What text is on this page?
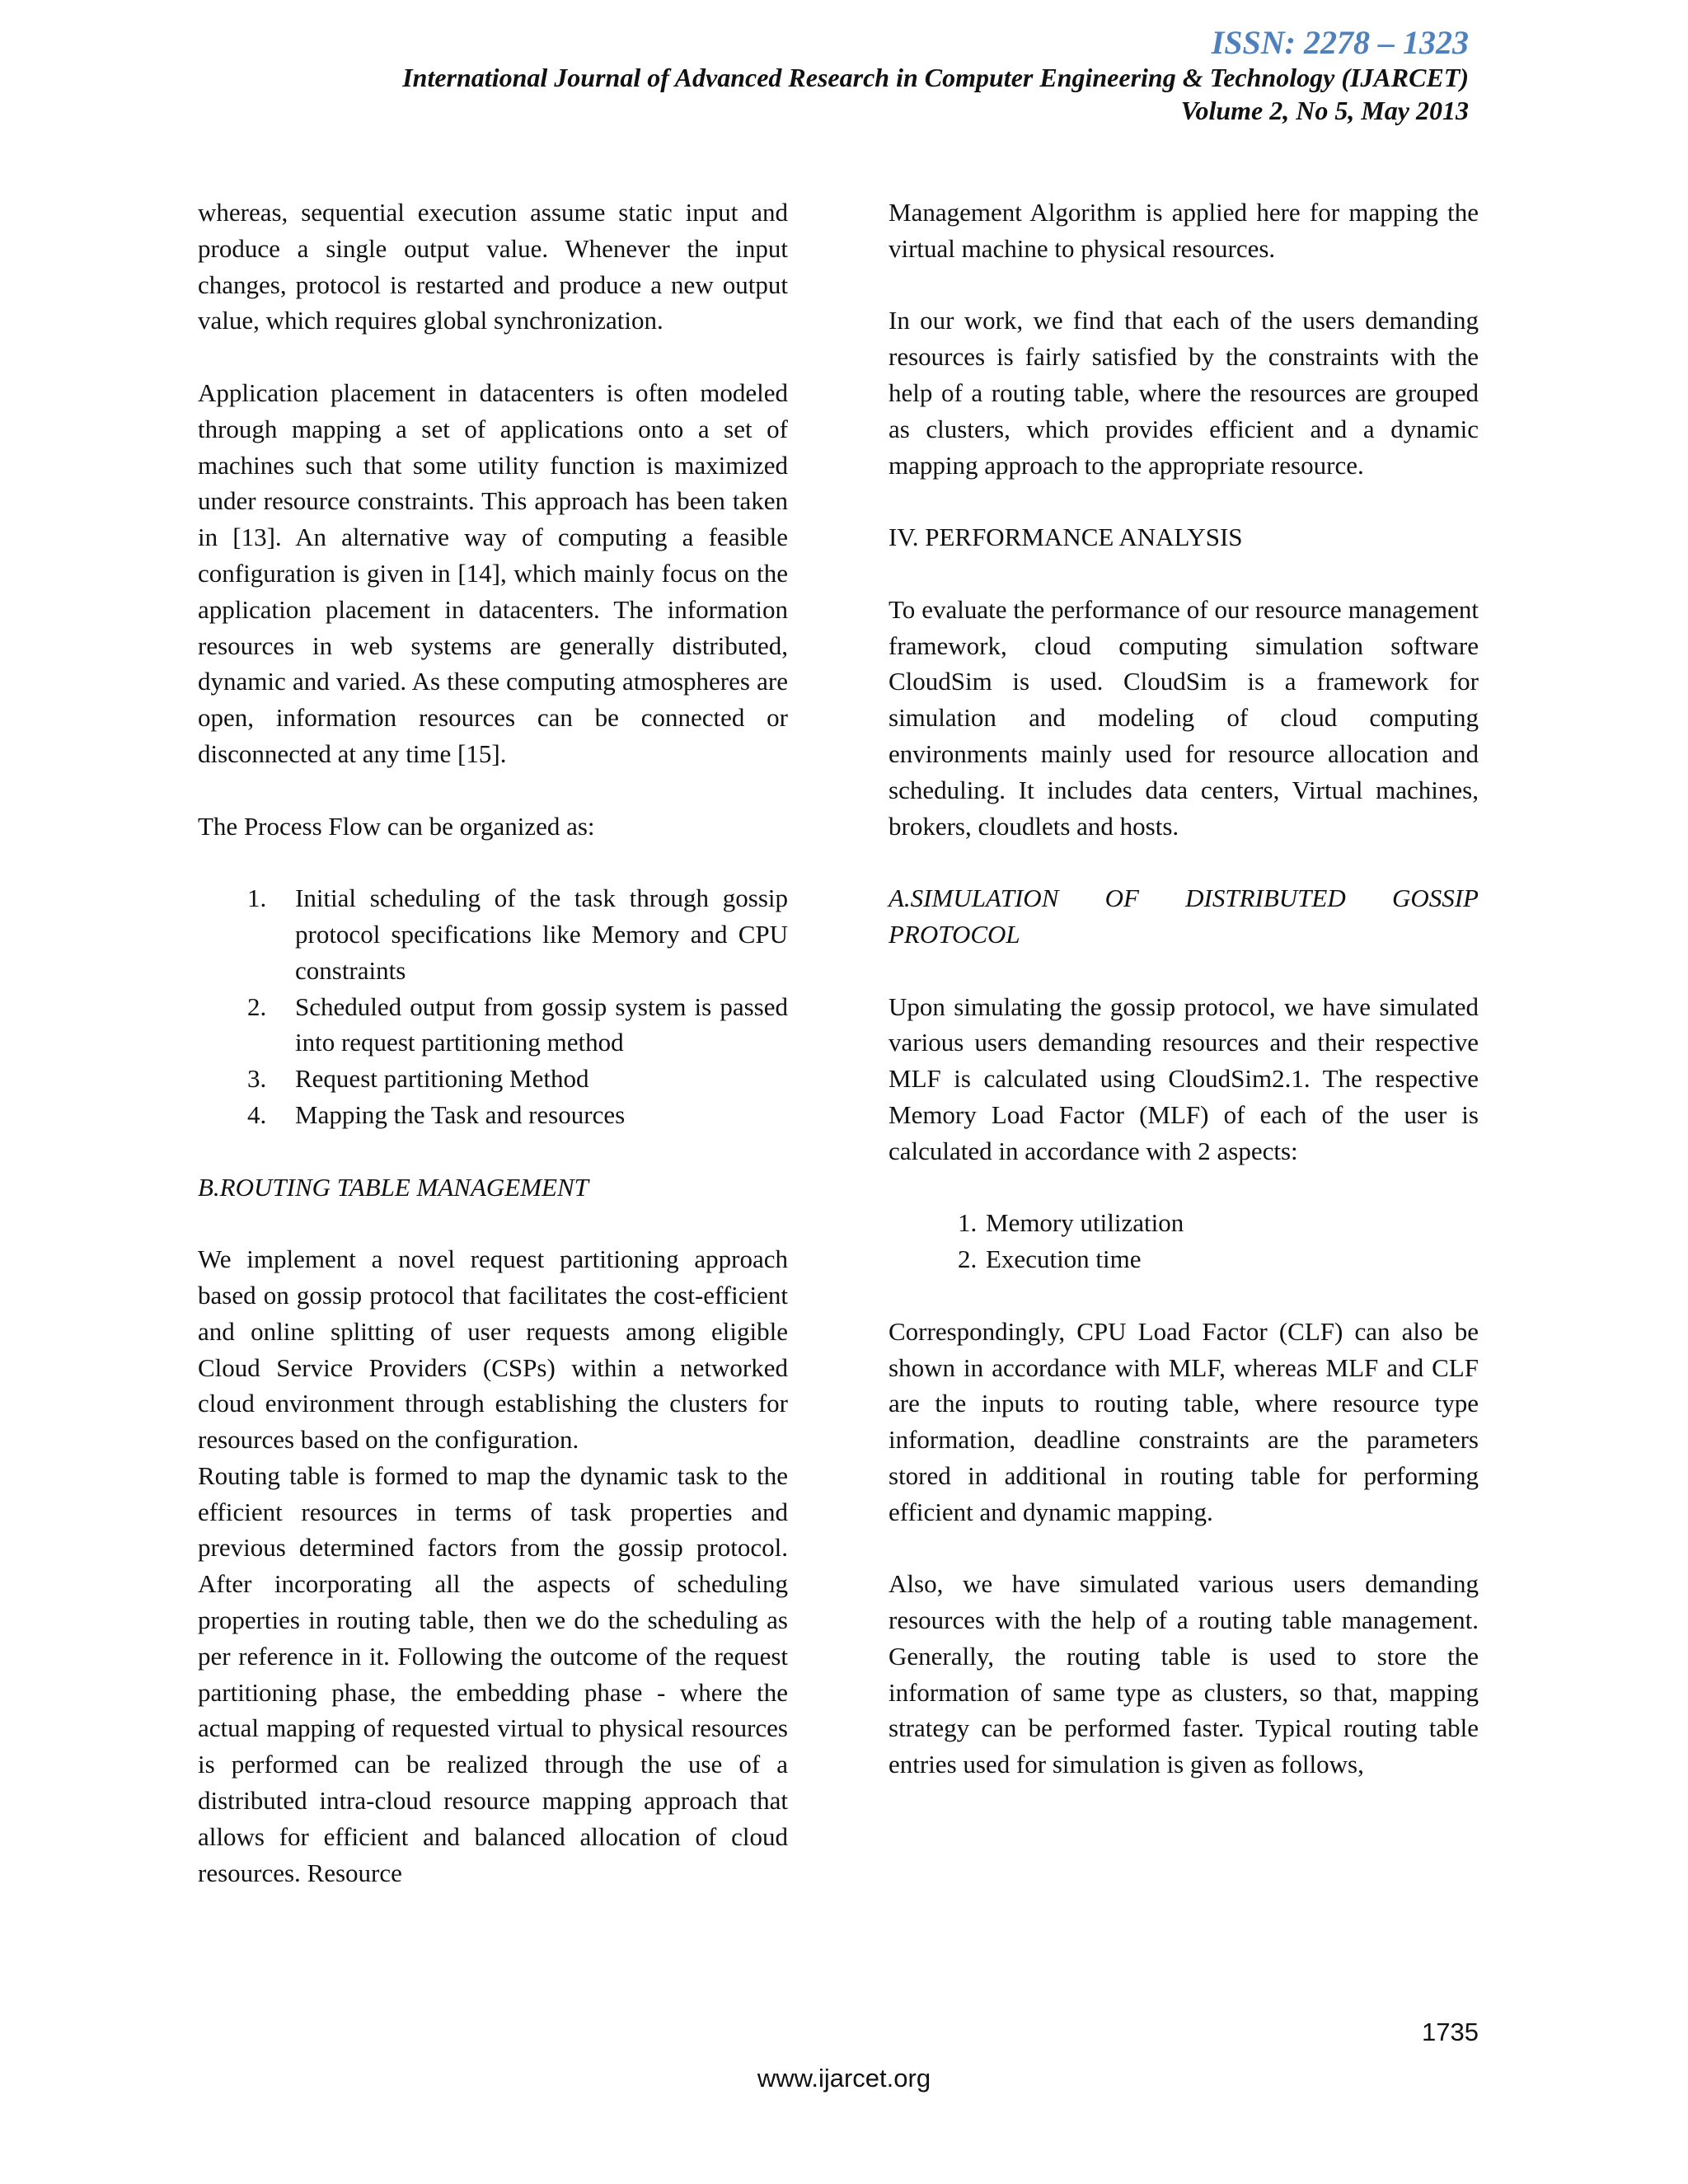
ISSN: 2278 – 1323
International Journal of Advanced Research in Computer Engineering & Technology (IJARCET)
Volume 2, No 5, May 2013

whereas, sequential execution assume static input and produce a single output value. Whenever the input changes, protocol is restarted and produce a new output value, which requires global synchronization.

Application placement in datacenters is often modeled through mapping a set of applications onto a set of machines such that some utility function is maximized under resource constraints. This approach has been taken in [13]. An alternative way of computing a feasible configuration is given in [14], which mainly focus on the application placement in datacenters. The information resources in web systems are generally distributed, dynamic and varied. As these computing atmospheres are open, information resources can be connected or disconnected at any time [15].

The Process Flow can be organized as:

1. Initial scheduling of the task through gossip protocol specifications like Memory and CPU constraints
2. Scheduled output from gossip system is passed into request partitioning method
3. Request partitioning Method
4. Mapping the Task and resources

B.ROUTING TABLE MANAGEMENT

We implement a novel request partitioning approach based on gossip protocol that facilitates the cost-efficient and online splitting of user requests among eligible Cloud Service Providers (CSPs) within a networked cloud environment through establishing the clusters for resources based on the configuration.

Routing table is formed to map the dynamic task to the efficient resources in terms of task properties and previous determined factors from the gossip protocol. After incorporating all the aspects of scheduling properties in routing table, then we do the scheduling as per reference in it. Following the outcome of the request partitioning phase, the embedding phase - where the actual mapping of requested virtual to physical resources is performed can be realized through the use of a distributed intra-cloud resource mapping approach that allows for efficient and balanced allocation of cloud resources. Resource

Management Algorithm is applied here for mapping the virtual machine to physical resources.

In our work, we find that each of the users demanding resources is fairly satisfied by the constraints with the help of a routing table, where the resources are grouped as clusters, which provides efficient and a dynamic mapping approach to the appropriate resource.

IV. PERFORMANCE ANALYSIS

To evaluate the performance of our resource management framework, cloud computing simulation software CloudSim is used. CloudSim is a framework for simulation and modeling of cloud computing environments mainly used for resource allocation and scheduling. It includes data centers, Virtual machines, brokers, cloudlets and hosts.

A.SIMULATION OF DISTRIBUTED GOSSIP PROTOCOL

Upon simulating the gossip protocol, we have simulated various users demanding resources and their respective MLF is calculated using CloudSim2.1. The respective Memory Load Factor (MLF) of each of the user is calculated in accordance with 2 aspects:

1. Memory utilization
2. Execution time

Correspondingly, CPU Load Factor (CLF) can also be shown in accordance with MLF, whereas MLF and CLF are the inputs to routing table, where resource type information, deadline constraints are the parameters stored in additional in routing table for performing efficient and dynamic mapping.

Also, we have simulated various users demanding resources with the help of a routing table management. Generally, the routing table is used to store the information of same type as clusters, so that, mapping strategy can be performed faster. Typical routing table entries used for simulation is given as follows,

1735
www.ijarcet.org
